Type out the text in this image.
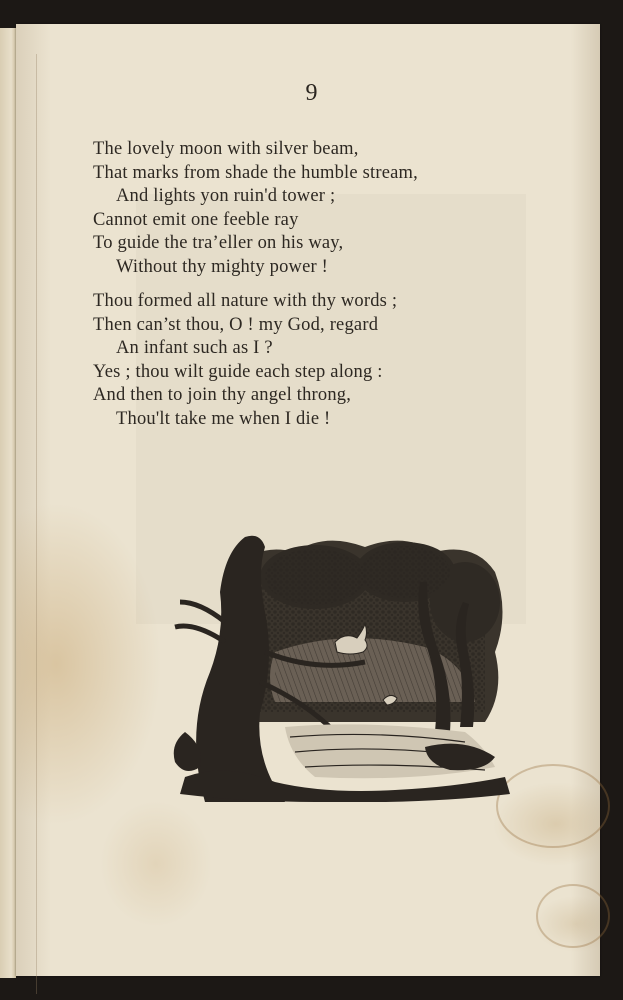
9
The lovely moon with silver beam,
That marks from shade the humble stream,
And lights yon ruin'd tower ;
Cannot emit one feeble ray
To guide the tra’eller on his way,
Without thy mighty power !
Thou formed all nature with thy words ;
Then can’st thou, O ! my God, regard
An infant such as I ?
Yes ; thou wilt guide each step along :
And then to join thy angel throng,
Thou'lt take me when I die !
